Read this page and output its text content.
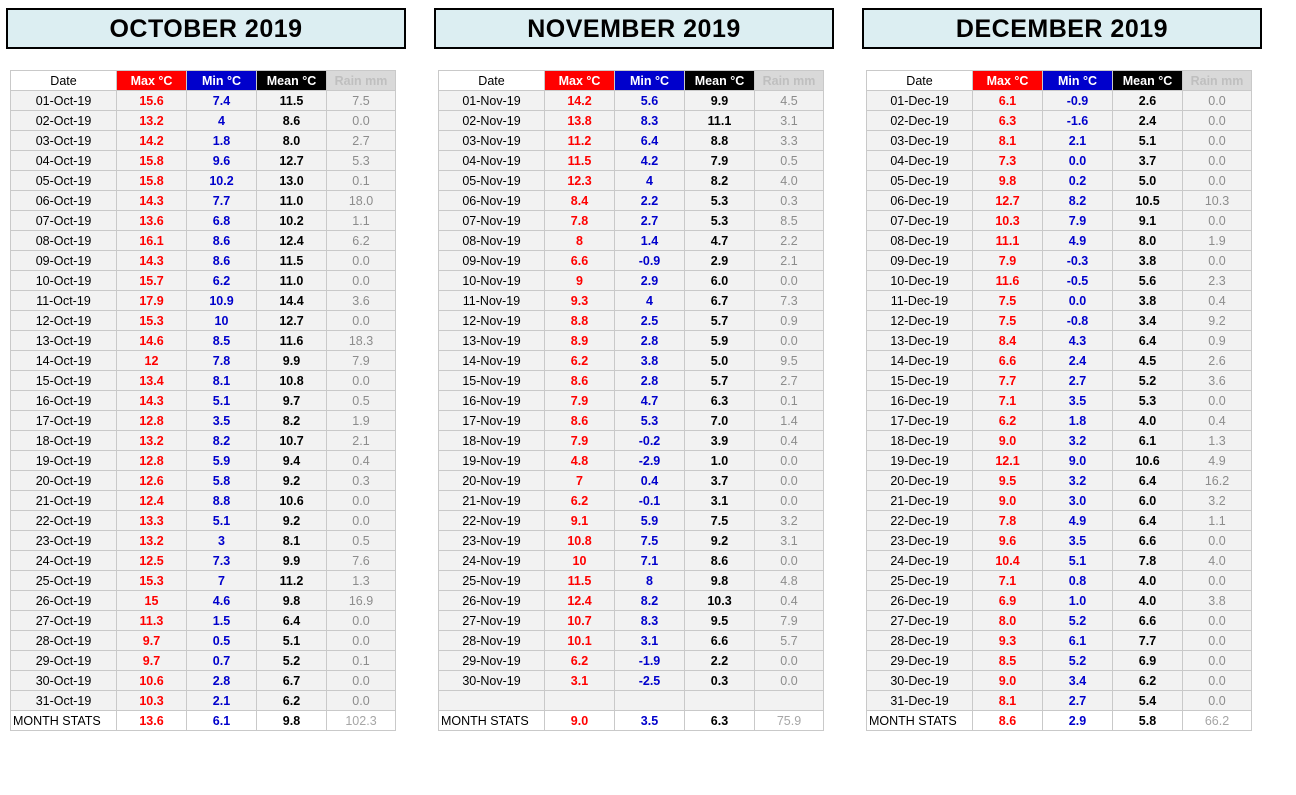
OCTOBER 2019
Date	Max °C	Min °C	Mean °C	Rain mm
01-Oct-19	15.6	7.4	11.5	7.5
02-Oct-19	13.2	4	8.6	0.0
03-Oct-19	14.2	1.8	8.0	2.7
04-Oct-19	15.8	9.6	12.7	5.3
05-Oct-19	15.8	10.2	13.0	0.1
06-Oct-19	14.3	7.7	11.0	18.0
07-Oct-19	13.6	6.8	10.2	1.1
08-Oct-19	16.1	8.6	12.4	6.2
09-Oct-19	14.3	8.6	11.5	0.0
10-Oct-19	15.7	6.2	11.0	0.0
11-Oct-19	17.9	10.9	14.4	3.6
12-Oct-19	15.3	10	12.7	0.0
13-Oct-19	14.6	8.5	11.6	18.3
14-Oct-19	12	7.8	9.9	7.9
15-Oct-19	13.4	8.1	10.8	0.0
16-Oct-19	14.3	5.1	9.7	0.5
17-Oct-19	12.8	3.5	8.2	1.9
18-Oct-19	13.2	8.2	10.7	2.1
19-Oct-19	12.8	5.9	9.4	0.4
20-Oct-19	12.6	5.8	9.2	0.3
21-Oct-19	12.4	8.8	10.6	0.0
22-Oct-19	13.3	5.1	9.2	0.0
23-Oct-19	13.2	3	8.1	0.5
24-Oct-19	12.5	7.3	9.9	7.6
25-Oct-19	15.3	7	11.2	1.3
26-Oct-19	15	4.6	9.8	16.9
27-Oct-19	11.3	1.5	6.4	0.0
28-Oct-19	9.7	0.5	5.1	0.0
29-Oct-19	9.7	0.7	5.2	0.1
30-Oct-19	10.6	2.8	6.7	0.0
31-Oct-19	10.3	2.1	6.2	0.0
MONTH STATS	13.6	6.1	9.8	102.3
NOVEMBER 2019
Date	Max °C	Min °C	Mean °C	Rain mm
01-Nov-19	14.2	5.6	9.9	4.5
02-Nov-19	13.8	8.3	11.1	3.1
03-Nov-19	11.2	6.4	8.8	3.3
04-Nov-19	11.5	4.2	7.9	0.5
05-Nov-19	12.3	4	8.2	4.0
06-Nov-19	8.4	2.2	5.3	0.3
07-Nov-19	7.8	2.7	5.3	8.5
08-Nov-19	8	1.4	4.7	2.2
09-Nov-19	6.6	-0.9	2.9	2.1
10-Nov-19	9	2.9	6.0	0.0
11-Nov-19	9.3	4	6.7	7.3
12-Nov-19	8.8	2.5	5.7	0.9
13-Nov-19	8.9	2.8	5.9	0.0
14-Nov-19	6.2	3.8	5.0	9.5
15-Nov-19	8.6	2.8	5.7	2.7
16-Nov-19	7.9	4.7	6.3	0.1
17-Nov-19	8.6	5.3	7.0	1.4
18-Nov-19	7.9	-0.2	3.9	0.4
19-Nov-19	4.8	-2.9	1.0	0.0
20-Nov-19	7	0.4	3.7	0.0
21-Nov-19	6.2	-0.1	3.1	0.0
22-Nov-19	9.1	5.9	7.5	3.2
23-Nov-19	10.8	7.5	9.2	3.1
24-Nov-19	10	7.1	8.6	0.0
25-Nov-19	11.5	8	9.8	4.8
26-Nov-19	12.4	8.2	10.3	0.4
27-Nov-19	10.7	8.3	9.5	7.9
28-Nov-19	10.1	3.1	6.6	5.7
29-Nov-19	6.2	-1.9	2.2	0.0
30-Nov-19	3.1	-2.5	0.3	0.0

MONTH STATS	9.0	3.5	6.3	75.9
DECEMBER 2019
Date	Max °C	Min °C	Mean °C	Rain mm
01-Dec-19	6.1	-0.9	2.6	0.0
02-Dec-19	6.3	-1.6	2.4	0.0
03-Dec-19	8.1	2.1	5.1	0.0
04-Dec-19	7.3	0.0	3.7	0.0
05-Dec-19	9.8	0.2	5.0	0.0
06-Dec-19	12.7	8.2	10.5	10.3
07-Dec-19	10.3	7.9	9.1	0.0
08-Dec-19	11.1	4.9	8.0	1.9
09-Dec-19	7.9	-0.3	3.8	0.0
10-Dec-19	11.6	-0.5	5.6	2.3
11-Dec-19	7.5	0.0	3.8	0.4
12-Dec-19	7.5	-0.8	3.4	9.2
13-Dec-19	8.4	4.3	6.4	0.9
14-Dec-19	6.6	2.4	4.5	2.6
15-Dec-19	7.7	2.7	5.2	3.6
16-Dec-19	7.1	3.5	5.3	0.0
17-Dec-19	6.2	1.8	4.0	0.4
18-Dec-19	9.0	3.2	6.1	1.3
19-Dec-19	12.1	9.0	10.6	4.9
20-Dec-19	9.5	3.2	6.4	16.2
21-Dec-19	9.0	3.0	6.0	3.2
22-Dec-19	7.8	4.9	6.4	1.1
23-Dec-19	9.6	3.5	6.6	0.0
24-Dec-19	10.4	5.1	7.8	4.0
25-Dec-19	7.1	0.8	4.0	0.0
26-Dec-19	6.9	1.0	4.0	3.8
27-Dec-19	8.0	5.2	6.6	0.0
28-Dec-19	9.3	6.1	7.7	0.0
29-Dec-19	8.5	5.2	6.9	0.0
30-Dec-19	9.0	3.4	6.2	0.0
31-Dec-19	8.1	2.7	5.4	0.0
MONTH STATS	8.6	2.9	5.8	66.2
